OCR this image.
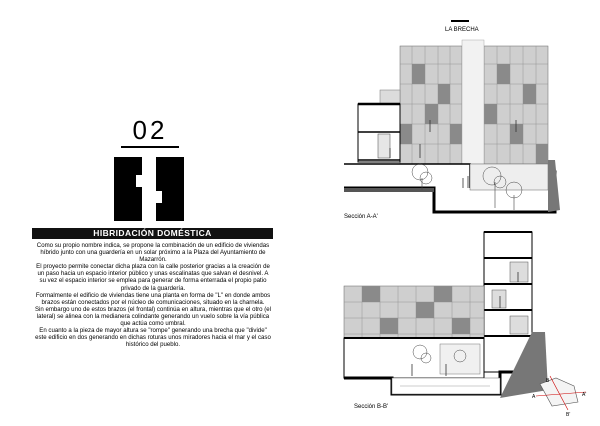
02
HIBRIDACIÓN DOMÉSTICA

Como su propio nombre indica, se propone la combinación de un edificio de viviendas híbrido junto con una guardería en un solar próximo a la Plaza del Ayuntamiento de Mazarrón.

El proyecto permite conectar dicha plaza con la calle posterior gracias a la creación de un paso hacia un espacio interior público y unas escalinatas que salvan el desnivel. A su vez el espacio interior se emplea para generar de forma enterrada el propio patio privado de la guardería.

Formalmente el edificio de viviendas tiene una planta en forma de "L" en donde ambos brazos están conectados por el núcleo de comunicaciones, situado en la charnela.

Sin embargo uno de estos brazos (el frontal) continúa en altura, mientras que el otro (el lateral) se alinea con la medianera colindante generando un vuelo sobre la vía pública que actúa como umbral.

En cuanto a la pieza de mayor altura se "rompe" generando una brecha que "divide" este edificio en dos generando en dichas roturas unos miradores hacia el mar y el caso histórico del pueblo.

LA BRECHA
B
A	A'
B'
Sección A-A'
Sección B-B'
